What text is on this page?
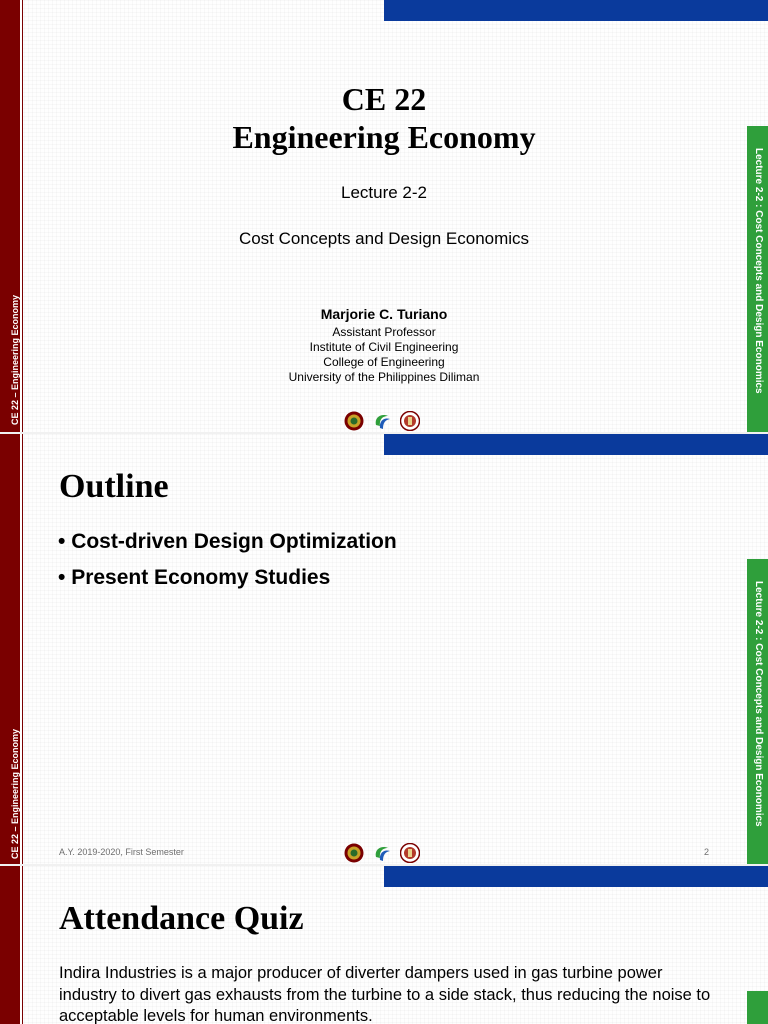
CE 22 – Engineering Economy	Lecture 2-2 : Cost Concepts and Design Economics
CE 22
Engineering Economy
Lecture 2-2
Cost Concepts and Design Economics
Marjorie C. Turiano
Assistant Professor
Institute of Civil Engineering
College of Engineering
University of the Philippines Diliman
CE 22 – Engineering Economy	Lecture 2-2 : Cost Concepts and Design Economics
Outline
• Cost-driven Design Optimization
• Present Economy Studies
A.Y. 2019-2020, First Semester	2
Attendance Quiz
Indira Industries is a major producer of diverter dampers used in gas turbine power industry to divert gas exhausts from the turbine to a side stack, thus reducing the noise to acceptable levels for human environments.
